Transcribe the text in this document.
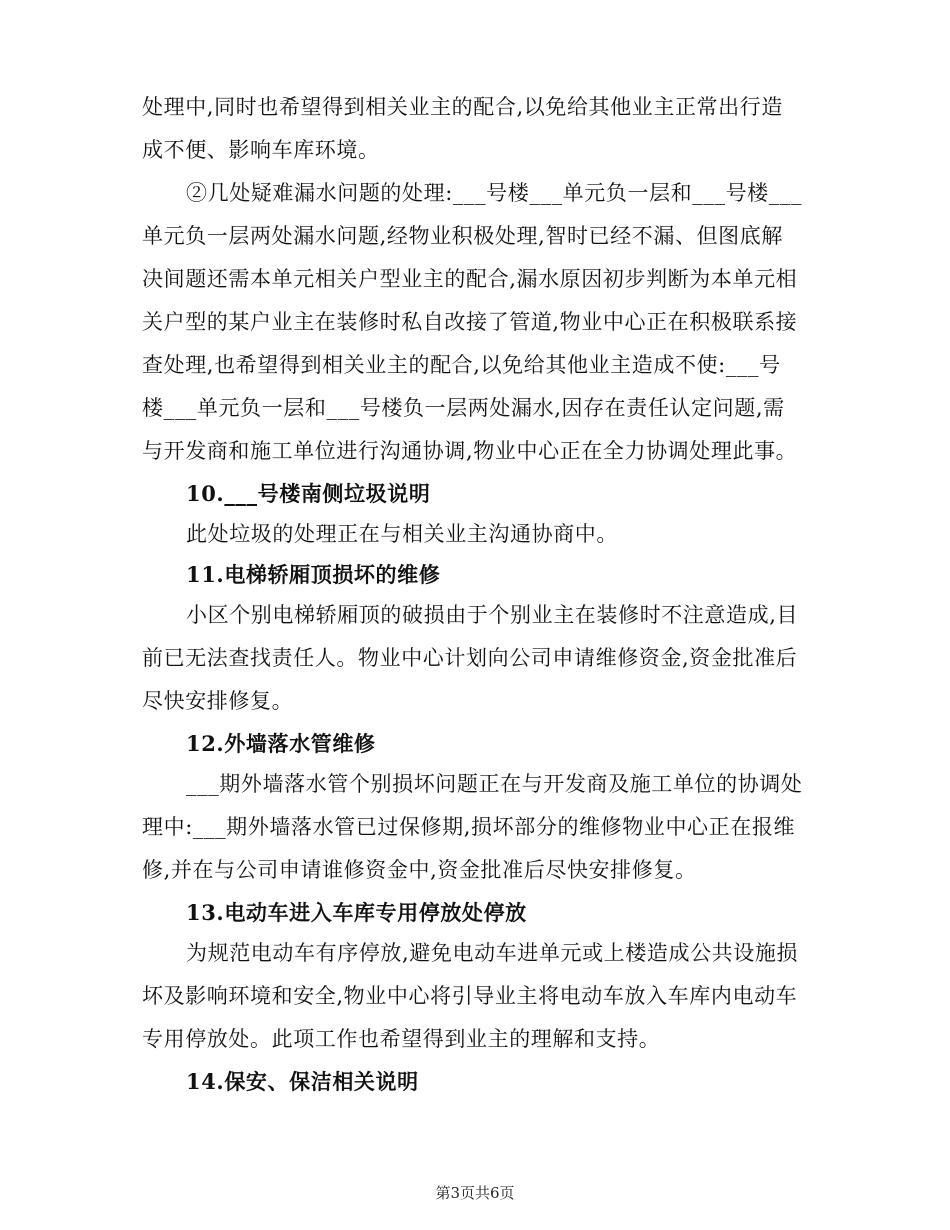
处理中,同时也希望得到相关业主的配合,以免给其他业主正常出行造
成不便、影响车库环境。
②几处疑难漏水问题的处理:___号楼___单元负一层和___号楼___
单元负一层两处漏水问题,经物业积极处理,智时已经不漏、但图底解
决间题还需本单元相关户型业主的配合,漏水原因初步判断为本单元相
关户型的某户业主在装修时私自改接了管道,物业中心正在积极联系接
查处理,也希望得到相关业主的配合,以免给其他业主造成不使:___号
楼___单元负一层和___号楼负一层两处漏水,因存在责任认定问题,需
与开发商和施工单位进行沟通协调,物业中心正在全力协调处理此事。
10.___号楼南侧垃圾说明
此处垃圾的处理正在与相关业主沟通协商中。
11.电梯轿厢顶损坏的维修
小区个别电梯轿厢顶的破损由于个别业主在装修时不注意造成,目
前已无法查找责任人。物业中心计划向公司申请维修资金,资金批准后
尽快安排修复。
12.外墙落水管维修
___期外墙落水管个别损坏问题正在与开发商及施工单位的协调处
理中:___期外墙落水管已过保修期,损坏部分的维修物业中心正在报维
修,并在与公司申请谁修资金中,资金批准后尽快安排修复。
13.电动车进入车库专用停放处停放
为规范电动车有序停放,避免电动车进单元或上楼造成公共设施损
坏及影响环境和安全,物业中心将引导业主将电动车放入车库内电动车
专用停放处。此项工作也希望得到业主的理解和支持。
14.保安、保洁相关说明
第3页共6页
